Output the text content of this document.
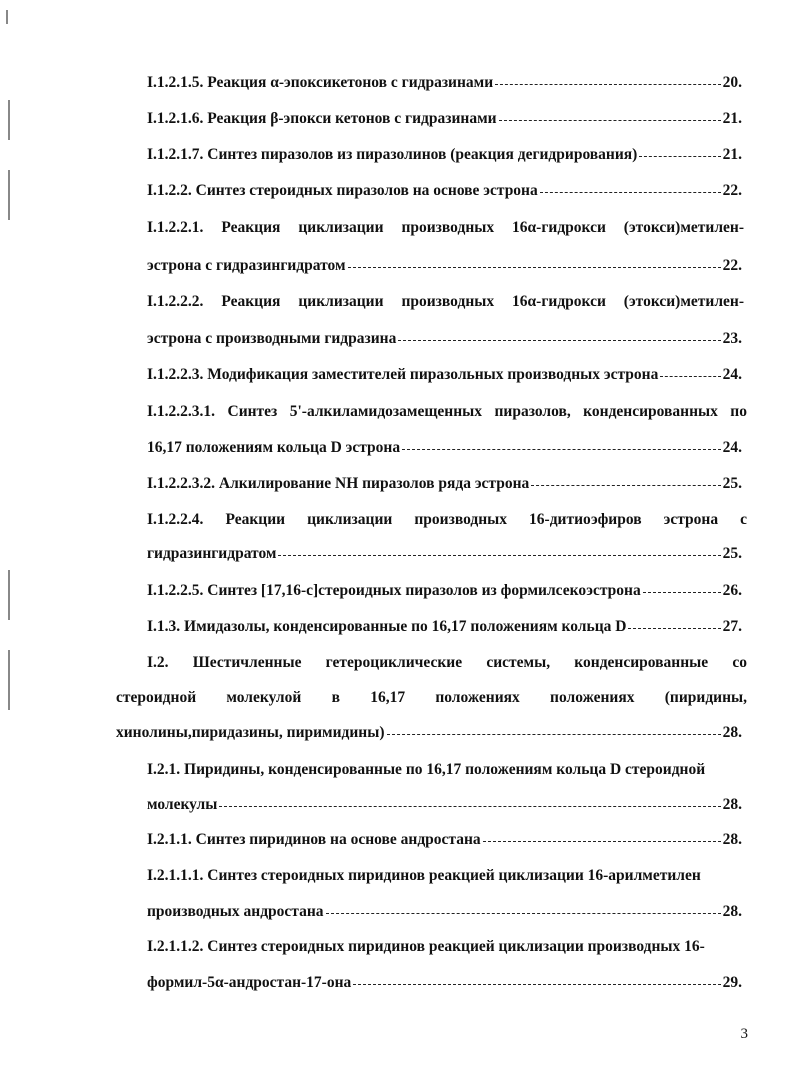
I.1.2.1.5. Реакция α-эпоксикетонов с гидразинами	20.
I.1.2.1.6. Реакция β-эпокси кетонов с гидразинами	21.
I.1.2.1.7. Синтез пиразолов из пиразолинов (реакция дегидрирования)	21.
I.1.2.2. Синтез стероидных пиразолов на основе эстрона	22.
I.1.2.2.1. Реакция циклизации производных 16α-гидрокси (этокси)метилен-
эстрона с гидразингидратом	22.
I.1.2.2.2. Реакция циклизации производных 16α-гидрокси (этокси)метилен-
эстрона с производными гидразина	23.
I.1.2.2.3. Модификация заместителей пиразольных производных эстрона	24.
I.1.2.2.3.1. Синтез 5'-алкиламидозамещенных пиразолов, конденсированных по
16,17 положениям кольца D эстрона	24.
I.1.2.2.3.2. Алкилирование NH пиразолов ряда эстрона	25.
I.1.2.2.4. Реакции циклизации производных 16-дитиоэфиров эстрона с
гидразингидратом	25.
I.1.2.2.5. Синтез [17,16-с]стероидных пиразолов из формилсекоэстрона	26.
I.1.3. Имидазолы, конденсированные по 16,17 положениям кольца D	27.
I.2. Шестичленные гетероциклические системы, конденсированные со
стероидной молекулой в 16,17 положениях положениях (пиридины,
хинолины,пиридазины, пиримидины)	28.
I.2.1. Пиридины, конденсированные по 16,17 положениям кольца D стероидной
молекулы	28.
I.2.1.1. Синтез пиридинов на основе андростана	28.
I.2.1.1.1. Синтез стероидных пиридинов реакцией циклизации 16-арилметилен
производных андростана	28.
I.2.1.1.2. Синтез стероидных пиридинов реакцией циклизации производных 16-
формил-5α-андростан-17-она	29.
3
